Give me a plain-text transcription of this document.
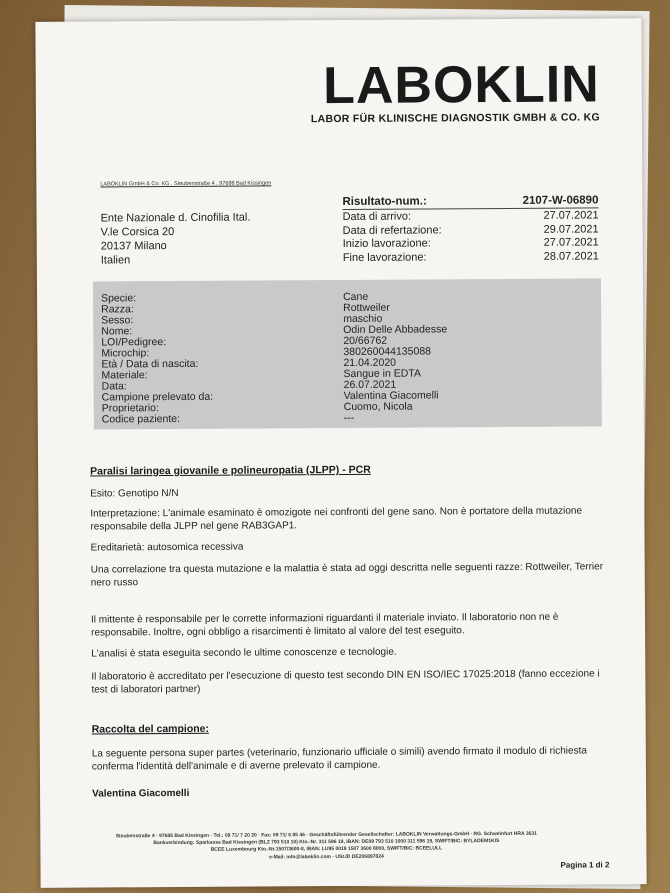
LABOKLIN
LABOR FÜR KLINISCHE DIAGNOSTIK GMBH & CO. KG
LABOKLIN GmbH & Co. KG . Steubenstraße 4 . 97688 Bad Kissingen
Ente Nazionale d. Cinofilia Ital.
V.le Corsica 20
20137 Milano
Italien
Risultato-num.:	2107-W-06890
Data di arrivo:	27.07.2021
Data di refertazione:	29.07.2021
Inizio lavorazione:	27.07.2021
Fine lavorazione:	28.07.2021
Specie:	Cane
Razza:	Rottweiler
Sesso:	maschio
Nome:	Odin Delle Abbadesse
LOI/Pedigree:	20/66762
Microchip:	380260044135088
Età / Data di nascita:	21.04.2020
Materiale:	Sangue in EDTA
Data:	26.07.2021
Campione prelevato da:	Valentina Giacomelli
Proprietario:	Cuomo, Nicola
Codice paziente:	---
Paralisi laringea giovanile e polineuropatia (JLPP) - PCR
Esito: Genotipo N/N
Interpretazione: L'animale esaminato è omozigote nei confronti del gene sano. Non è portatore della mutazione responsabile della JLPP nel gene RAB3GAP1.
Ereditarietà: autosomica recessiva
Una correlazione tra questa mutazione e la malattia è stata ad oggi descritta nelle seguenti razze: Rottweiler, Terrier nero russo
Il mittente è responsabile per le corrette informazioni riguardanti il materiale inviato. Il laboratorio non ne è responsabile. Inoltre, ogni obbligo a risarcimenti è limitato al valore del test eseguito.
L'analisi è stata eseguita secondo le ultime conoscenze e tecnologie.
Il laboratorio è accreditato per l'esecuzione di questo test secondo DIN EN ISO/IEC 17025:2018 (fanno eccezione i test di laboratori partner)
Raccolta del campione:
La seguente persona super partes (veterinario, funzionario ufficiale o simili) avendo firmato il modulo di richiesta conferma l'identità dell'animale e di averne prelevato il campione.
Valentina Giacomelli
Steubenstraße 4 · 97688 Bad Kissingen · Tel.: 09 71/ 7 20 20 · Fax: 09 71/ 6 85 46 · Geschäftsführender Gesellschafter: LABOKLIN Verwaltungs-GmbH · RG. Schweinfurt HRA 3631
Bankverbindung: Sparkasse Bad Kissingen (BLZ 793 510 10) Kto.-Nr. 311 596 19, IBAN: DE09 793 510 1000 311 596 19, SWIFT/BIC: BYLADEM1KIS
BCEE Luxembourg Kto.-Nr.1507/3600-8, IBAN: LU95 0019 1507 3600 8000, SWIFT/BIC: BCEELULL
e-Mail: info@laboklin.com · USt.ID DE206897824
Pagina 1 di 2
